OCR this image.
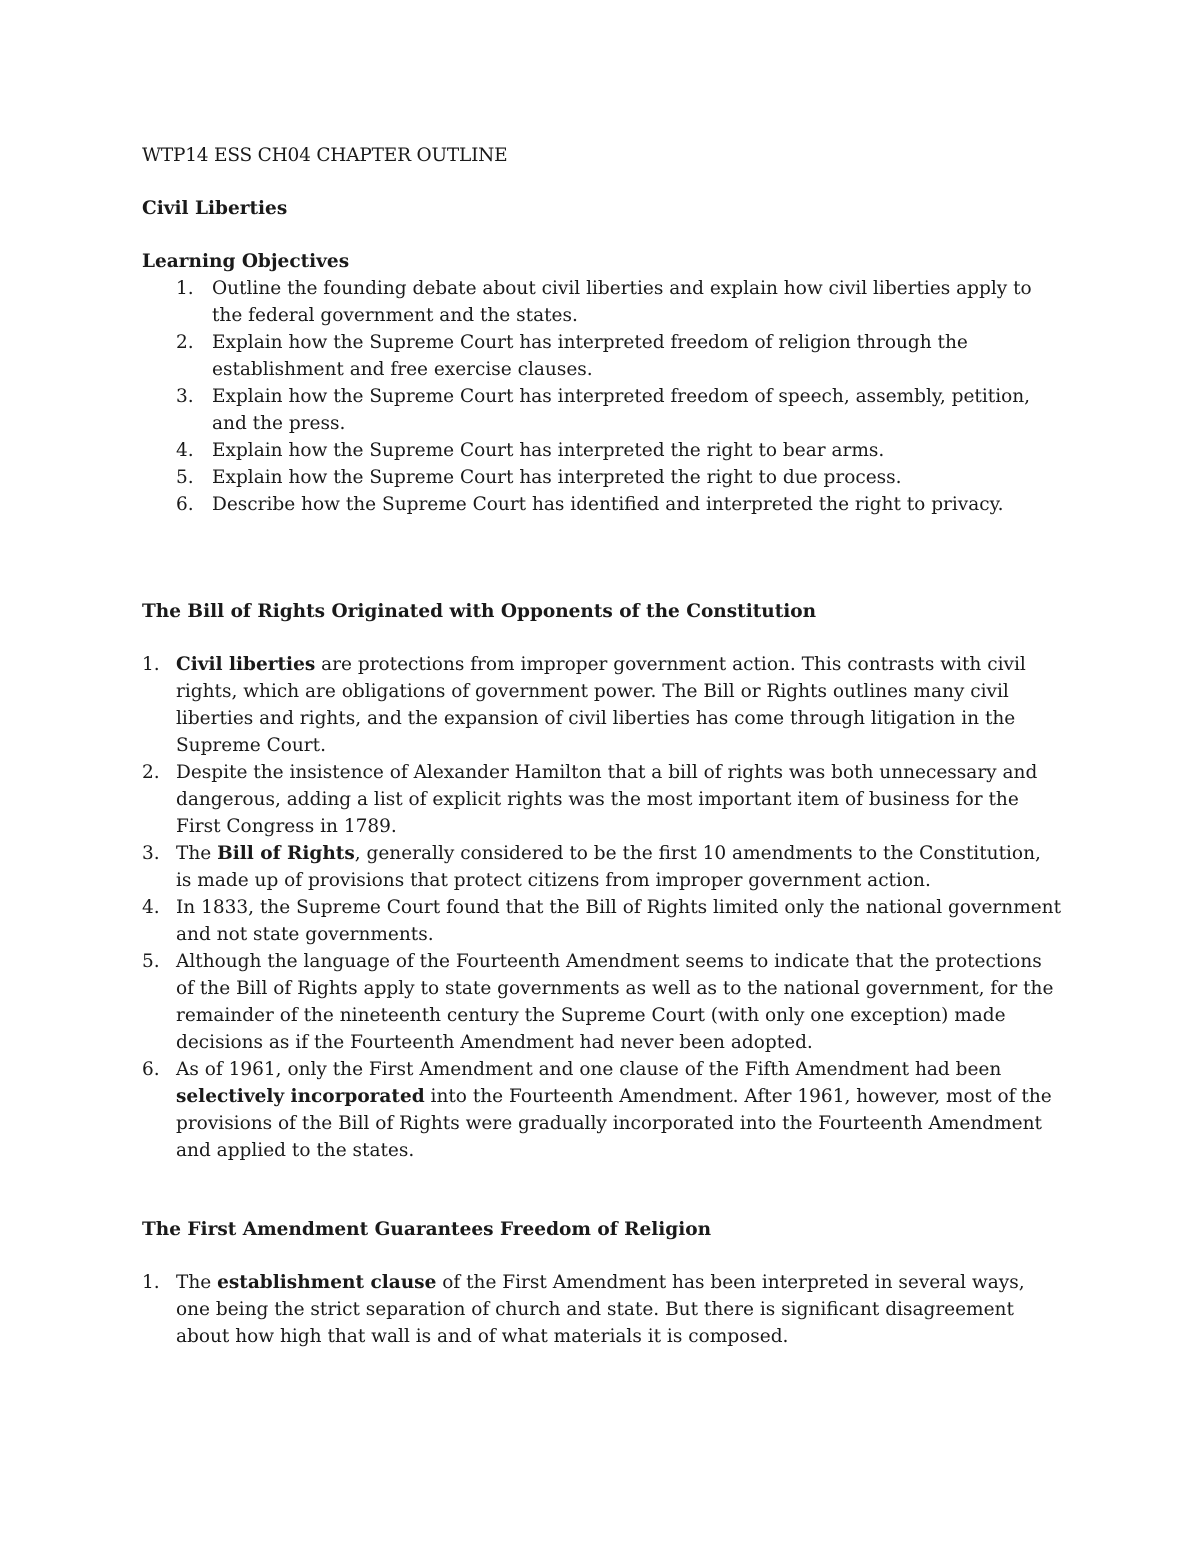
WTP14 ESS CH04 CHAPTER OUTLINE

Civil Liberties

Learning Objectives

1. Outline the founding debate about civil liberties and explain how civil liberties apply to the federal government and the states.
2. Explain how the Supreme Court has interpreted freedom of religion through the establishment and free exercise clauses.
3. Explain how the Supreme Court has interpreted freedom of speech, assembly, petition, and the press.
4. Explain how the Supreme Court has interpreted the right to bear arms.
5. Explain how the Supreme Court has interpreted the right to due process.
6. Describe how the Supreme Court has identified and interpreted the right to privacy.

The Bill of Rights Originated with Opponents of the Constitution

1. Civil liberties are protections from improper government action. This contrasts with civil rights, which are obligations of government power. The Bill or Rights outlines many civil liberties and rights, and the expansion of civil liberties has come through litigation in the Supreme Court.
2. Despite the insistence of Alexander Hamilton that a bill of rights was both unnecessary and dangerous, adding a list of explicit rights was the most important item of business for the First Congress in 1789.
3. The Bill of Rights, generally considered to be the first 10 amendments to the Constitution, is made up of provisions that protect citizens from improper government action.
4. In 1833, the Supreme Court found that the Bill of Rights limited only the national government and not state governments.
5. Although the language of the Fourteenth Amendment seems to indicate that the protections of the Bill of Rights apply to state governments as well as to the national government, for the remainder of the nineteenth century the Supreme Court (with only one exception) made decisions as if the Fourteenth Amendment had never been adopted.
6. As of 1961, only the First Amendment and one clause of the Fifth Amendment had been selectively incorporated into the Fourteenth Amendment. After 1961, however, most of the provisions of the Bill of Rights were gradually incorporated into the Fourteenth Amendment and applied to the states.

The First Amendment Guarantees Freedom of Religion

1. The establishment clause of the First Amendment has been interpreted in several ways, one being the strict separation of church and state. But there is significant disagreement about how high that wall is and of what materials it is composed.
